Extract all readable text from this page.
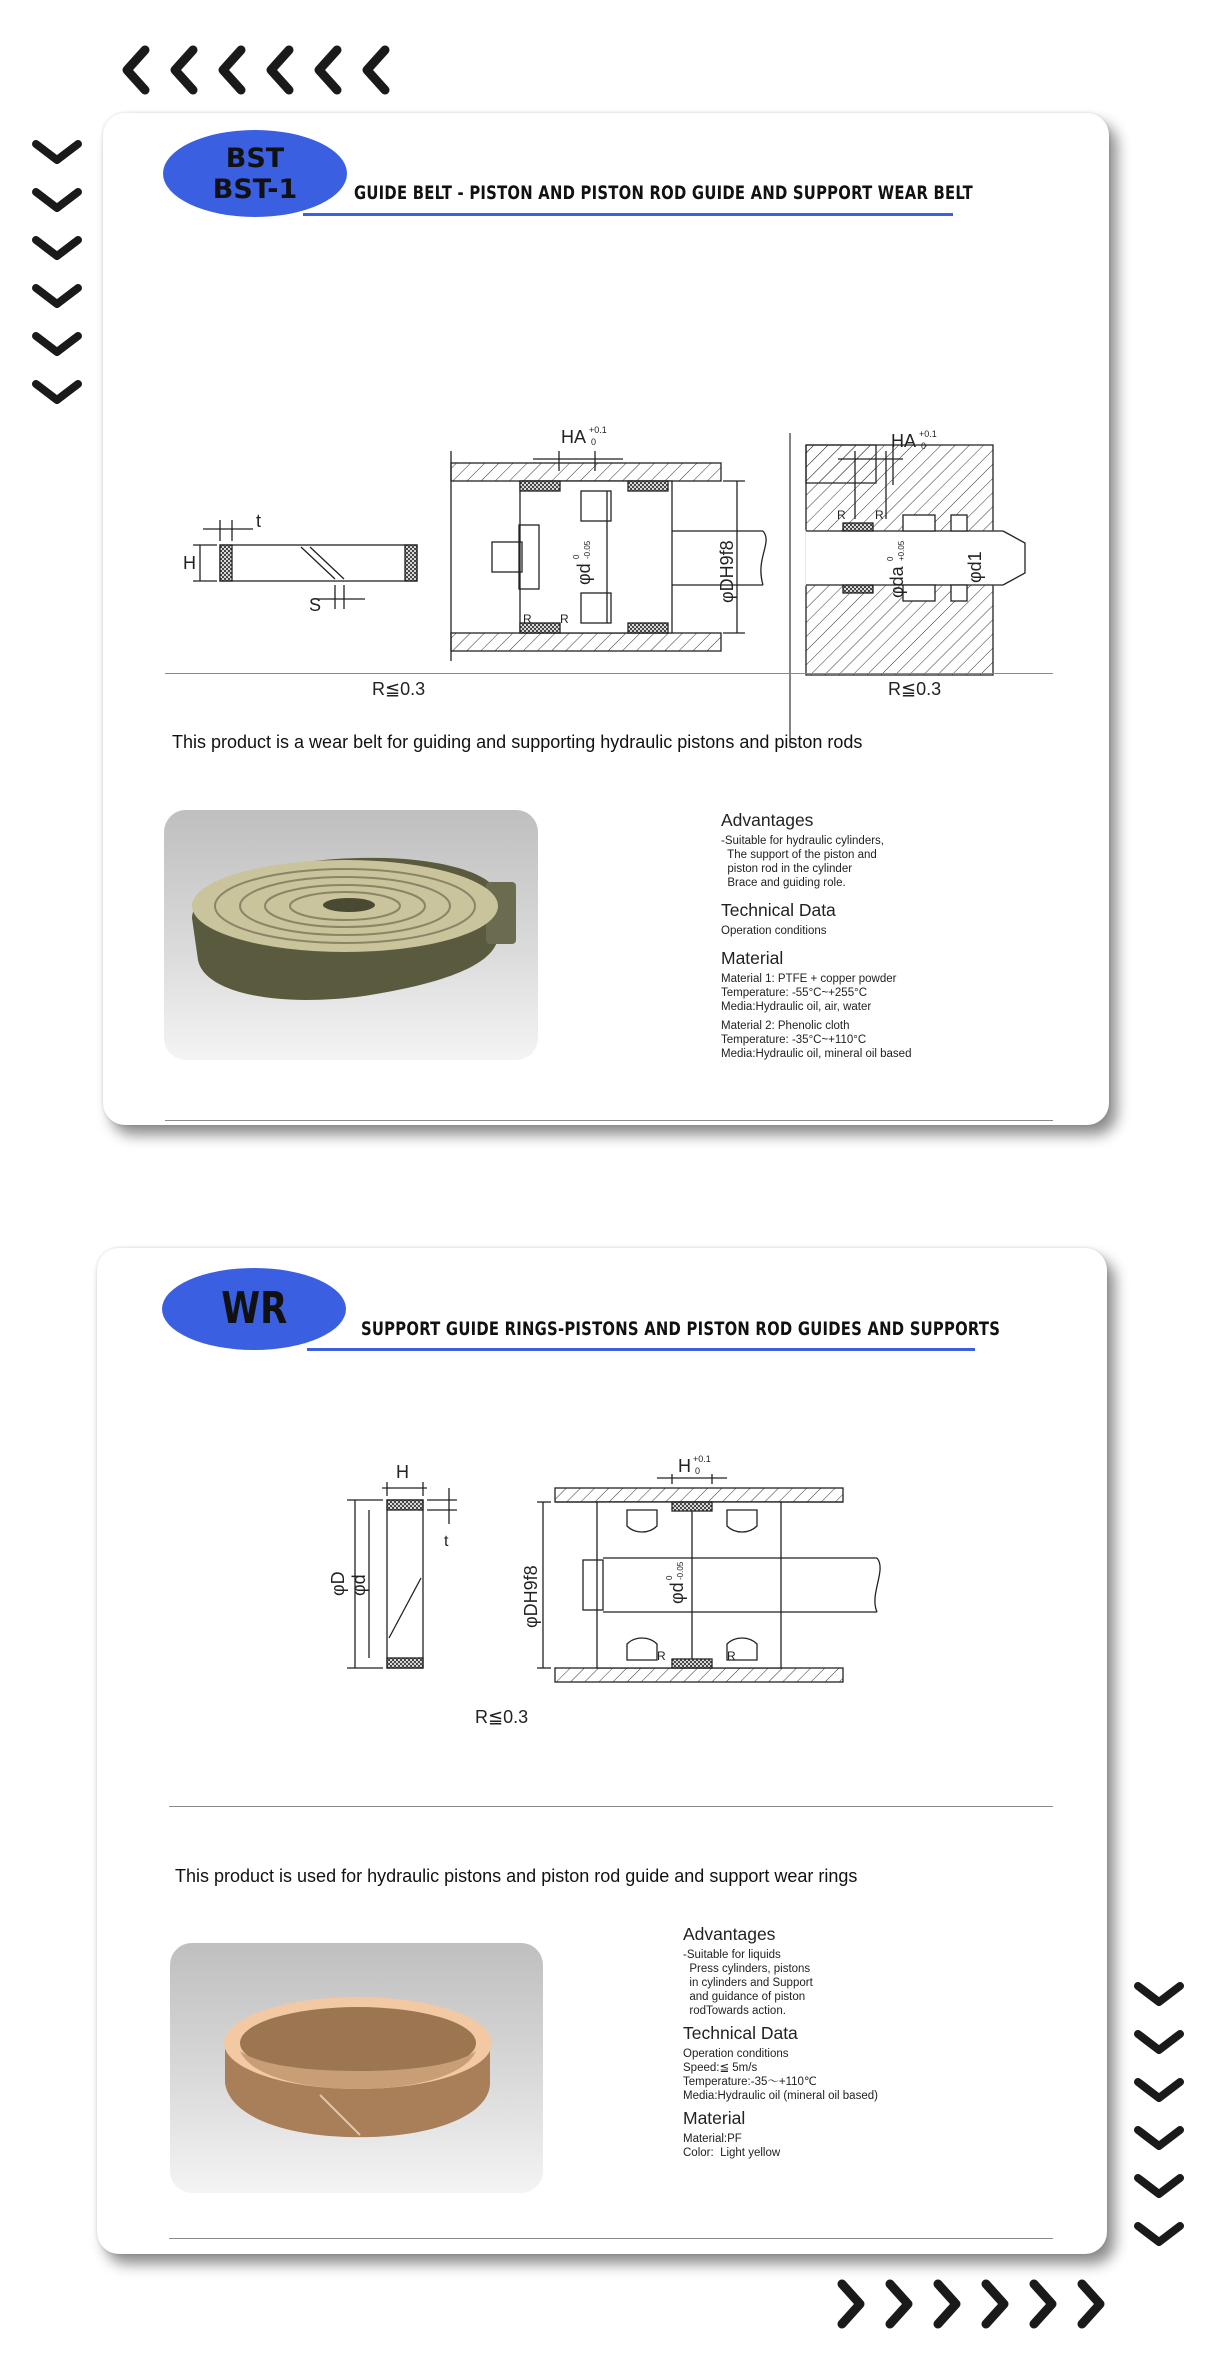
BST
BST-1	GUIDE BELT - PISTON AND PISTON ROD GUIDE AND SUPPORT WEAR BELT
t
H
S
HA +0.1
0
φd
0 -0.05	φDH9f8
R R
R≦0.3
HA +0.1
0
φda
0 +0.05
φd1
R R
R≦0.3
This product is a wear belt for guiding and supporting hydraulic pistons and piston rods
Advantages

-Suitable for hydraulic cylinders,

The support of the piston and

piston rod in the cylinder

Brace and guiding role.

Technical Data

Operation conditions

Material

Material 1: PTFE + copper powder

Temperature: -55°C~+255°C

Media:Hydraulic oil, air, water

Material 2: Phenolic cloth

Temperature: -35°C~+110°C

Media:Hydraulic oil, mineral oil based

WR	SUPPORT GUIDE RINGS-PISTONS AND PISTON ROD GUIDES AND SUPPORTS
H
t
φD φd
R≦0.3
H +0.1
0
φDH9f8	φd
0 -0.05
R	R
This product is used for hydraulic pistons and piston rod guide and support wear rings
Advantages

-Suitable for liquids

Press cylinders, pistons

in cylinders and Support

and guidance of piston

rodTowards action.

Technical Data

Operation conditions

Speed:≦ 5m/s

Temperature:-35〜+110℃

Media:Hydraulic oil (mineral oil based)

Material

Material:PF

Color:  Light yellow
